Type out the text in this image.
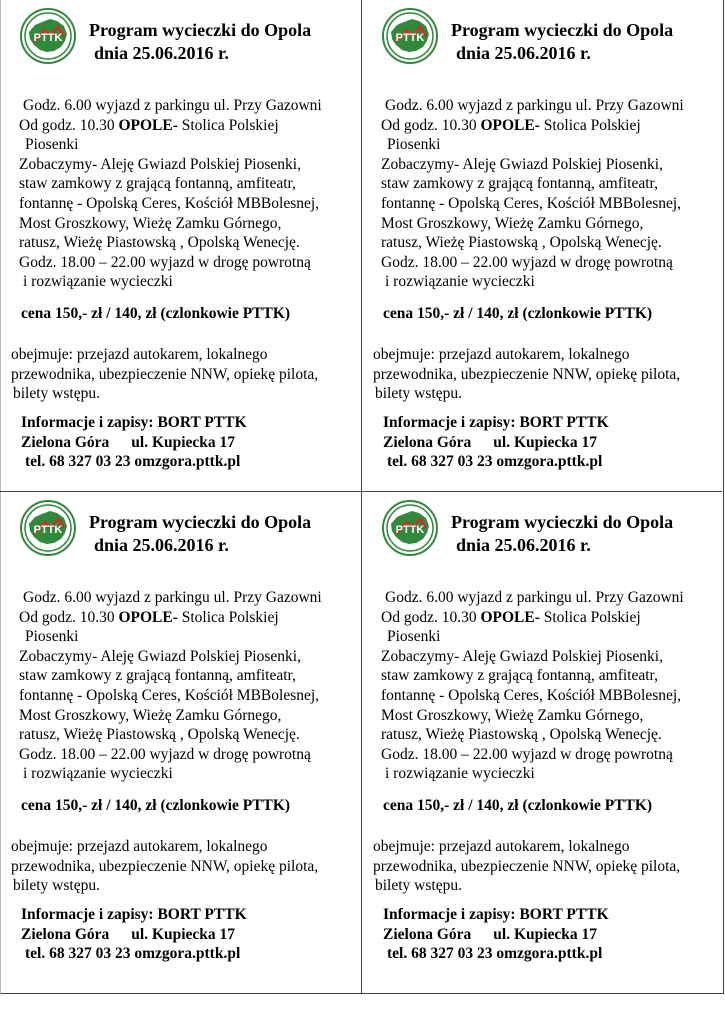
PTTK Program wycieczki do Opola
dnia 25.06.2016 r.
Godz. 6.00 wyjazd z parkingu ul. Przy Gazowni
Od godz. 10.30 OPOLE- Stolica Polskiej
Piosenki
Zobaczymy- Aleję Gwiazd Polskiej Piosenki,
staw zamkowy z grającą fontanną, amfiteatr,
fontannę - Opolską Ceres, Kościół MBBolesnej,
Most Groszkowy, Wieżę Zamku Górnego,
ratusz, Wieżę Piastowską , Opolską Wenecję.
Godz. 18.00 – 22.00 wyjazd w drogę powrotną
i rozwiązanie wycieczki
cena 150,- zł / 140, zł (czlonkowie PTTK)
obejmuje: przejazd autokarem, lokalnego
przewodnika, ubezpieczenie NNW, opiekę pilota,
bilety wstępu.
Informacje i zapisy: BORT PTTK
Zielona Góra ul. Kupiecka 17
tel. 68 327 03 23 omzgora.pttk.pl
PTTK Program wycieczki do Opola
dnia 25.06.2016 r.
Godz. 6.00 wyjazd z parkingu ul. Przy Gazowni
Od godz. 10.30 OPOLE- Stolica Polskiej
Piosenki
Zobaczymy- Aleję Gwiazd Polskiej Piosenki,
staw zamkowy z grającą fontanną, amfiteatr,
fontannę - Opolską Ceres, Kościół MBBolesnej,
Most Groszkowy, Wieżę Zamku Górnego,
ratusz, Wieżę Piastowską , Opolską Wenecję.
Godz. 18.00 – 22.00 wyjazd w drogę powrotną
i rozwiązanie wycieczki
cena 150,- zł / 140, zł (czlonkowie PTTK)
obejmuje: przejazd autokarem, lokalnego
przewodnika, ubezpieczenie NNW, opiekę pilota,
bilety wstępu.
Informacje i zapisy: BORT PTTK
Zielona Góra ul. Kupiecka 17
tel. 68 327 03 23 omzgora.pttk.pl
PTTK Program wycieczki do Opola
dnia 25.06.2016 r.
Godz. 6.00 wyjazd z parkingu ul. Przy Gazowni
Od godz. 10.30 OPOLE- Stolica Polskiej
Piosenki
Zobaczymy- Aleję Gwiazd Polskiej Piosenki,
staw zamkowy z grającą fontanną, amfiteatr,
fontannę - Opolską Ceres, Kościół MBBolesnej,
Most Groszkowy, Wieżę Zamku Górnego,
ratusz, Wieżę Piastowską , Opolską Wenecję.
Godz. 18.00 – 22.00 wyjazd w drogę powrotną
i rozwiązanie wycieczki
cena 150,- zł / 140, zł (czlonkowie PTTK)
obejmuje: przejazd autokarem, lokalnego
przewodnika, ubezpieczenie NNW, opiekę pilota,
bilety wstępu.
Informacje i zapisy: BORT PTTK
Zielona Góra ul. Kupiecka 17
tel. 68 327 03 23 omzgora.pttk.pl
PTTK Program wycieczki do Opola
dnia 25.06.2016 r.
Godz. 6.00 wyjazd z parkingu ul. Przy Gazowni
Od godz. 10.30 OPOLE- Stolica Polskiej
Piosenki
Zobaczymy- Aleję Gwiazd Polskiej Piosenki,
staw zamkowy z grającą fontanną, amfiteatr,
fontannę - Opolską Ceres, Kościół MBBolesnej,
Most Groszkowy, Wieżę Zamku Górnego,
ratusz, Wieżę Piastowską , Opolską Wenecję.
Godz. 18.00 – 22.00 wyjazd w drogę powrotną
i rozwiązanie wycieczki
cena 150,- zł / 140, zł (czlonkowie PTTK)
obejmuje: przejazd autokarem, lokalnego
przewodnika, ubezpieczenie NNW, opiekę pilota,
bilety wstępu.
Informacje i zapisy: BORT PTTK
Zielona Góra ul. Kupiecka 17
tel. 68 327 03 23 omzgora.pttk.pl
